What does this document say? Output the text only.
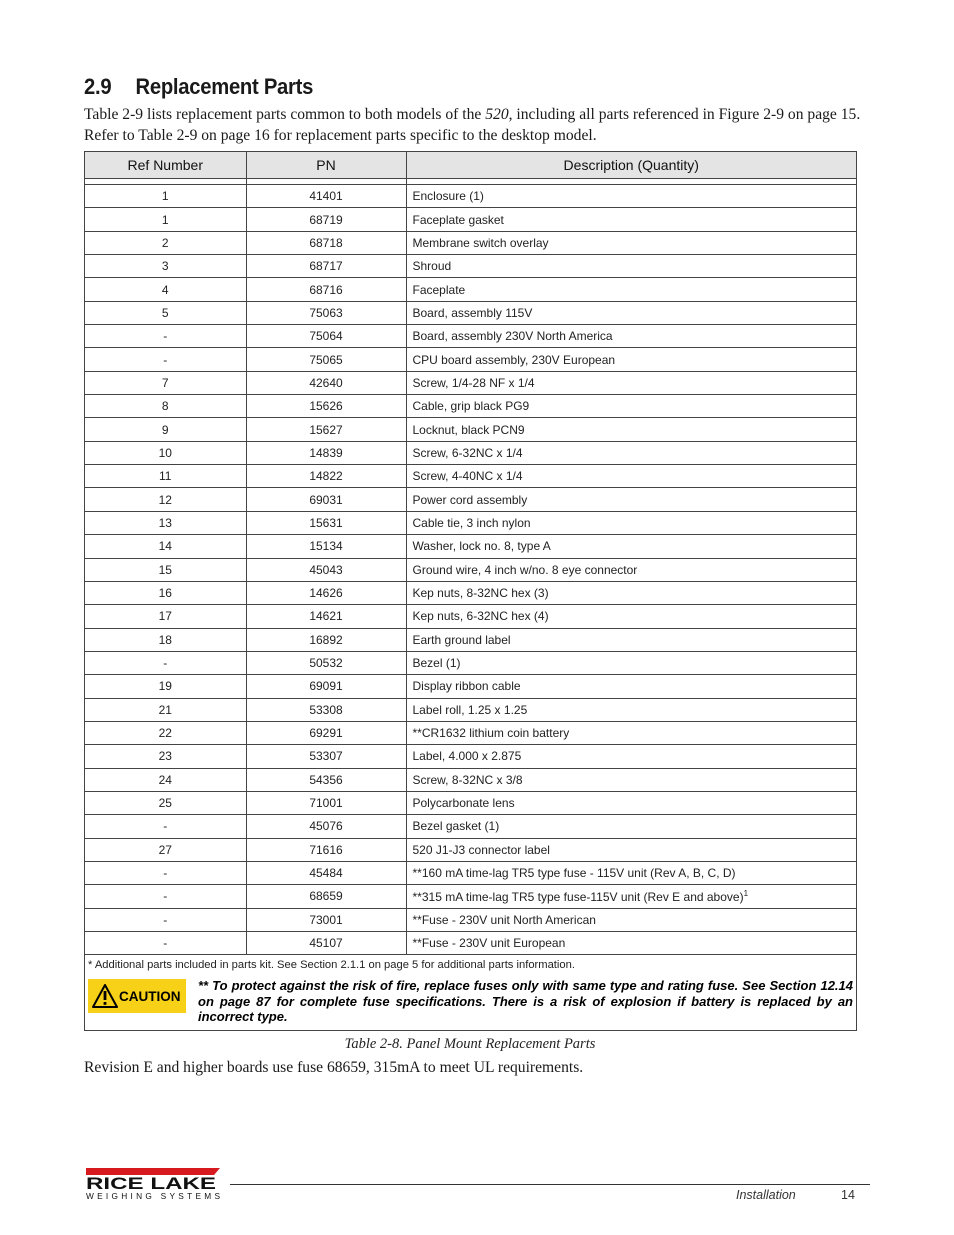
2.9 Replacement Parts

Table 2-9 lists replacement parts common to both models of the 520, including all parts referenced in Figure 2-9 on page 15. Refer to Table 2-9 on page 16 for replacement parts specific to the desktop model.

Ref Number	PN	Description (Quantity)

1	41401	Enclosure (1)
1	68719	Faceplate gasket
2	68718	Membrane switch overlay
3	68717	Shroud
4	68716	Faceplate
5	75063	Board, assembly 115V
-	75064	Board, assembly 230V North America
-	75065	CPU board assembly, 230V European
7	42640	Screw, 1/4-28 NF x 1/4
8	15626	Cable, grip black PG9
9	15627	Locknut, black PCN9
10	14839	Screw, 6-32NC x 1/4
11	14822	Screw, 4-40NC x 1/4
12	69031	Power cord assembly
13	15631	Cable tie, 3 inch nylon
14	15134	Washer, lock no. 8, type A
15	45043	Ground wire, 4 inch w/no. 8 eye connector
16	14626	Kep nuts, 8-32NC hex (3)
17	14621	Kep nuts, 6-32NC hex (4)
18	16892	Earth ground label
-	50532	Bezel (1)
19	69091	Display ribbon cable
21	53308	Label roll, 1.25 x 1.25
22	69291	**CR1632 lithium coin battery
23	53307	Label, 4.000 x 2.875
24	54356	Screw, 8-32NC x 3/8
25	71001	Polycarbonate lens
-	45076	Bezel gasket (1)
27	71616	520 J1-J3 connector label
-	45484	**160 mA time-lag TR5 type fuse - 115V unit (Rev A, B, C, D)
-	68659	**315 mA time-lag TR5 type fuse-115V unit (Rev E and above)$^1$
-	73001	**Fuse - 230V unit North American
-	45107	**Fuse - 230V unit European
* Additional parts included in parts kit. See Section 2.1.1 on page 5 for additional parts information.
CAUTION
** To protect against the risk of fire, replace fuses only with same type and rating fuse. See Section 12.14 on page 87 for complete fuse specifications. There is a risk of explosion if battery is replaced by an incorrect type.
Table 2-8. Panel Mount Replacement Parts

Revision E and higher boards use fuse 68659, 315mA to meet UL requirements.

RICE LAKE
WEIGHING SYSTEMS	Installation	14
